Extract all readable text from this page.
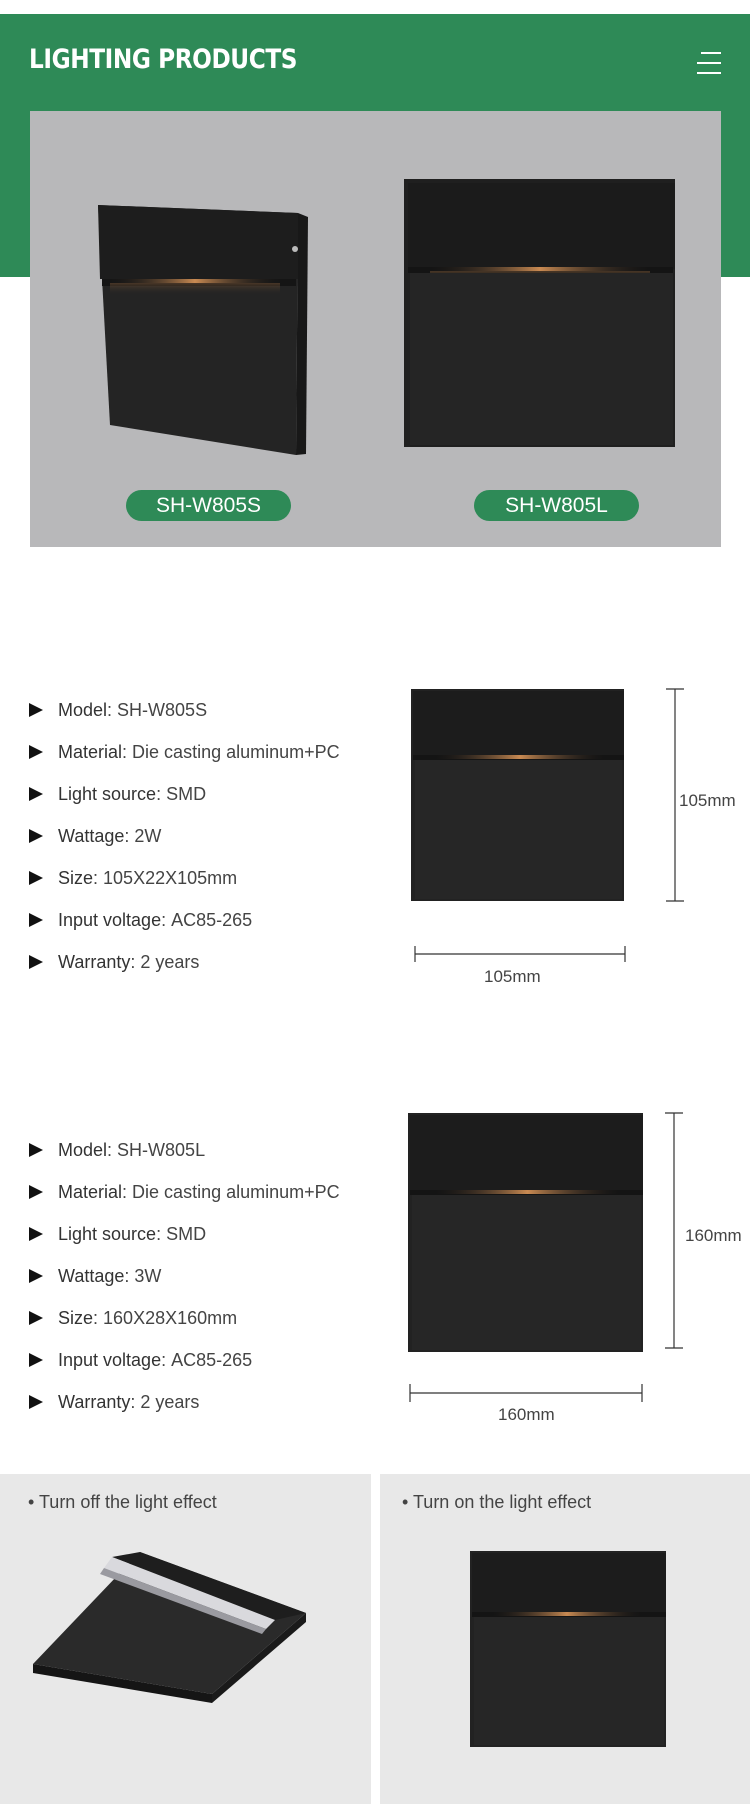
LIGHTING PRODUCTS
SH-W805S	SH-W805L
Model : SH-W805S
Material : Die casting aluminum+PC
Light source : SMD
Wattage : 2W
Size : 105X22X105mm
Input voltage : AC85-265
Warranty : 2 years
105mm
105mm
Model : SH-W805L
Material : Die casting aluminum+PC
Light source : SMD
Wattage : 3W
Size : 160X28X160mm
Input voltage : AC85-265
Warranty : 2 years
160mm
160mm
• Turn off the light effect	• Turn on the light effect
